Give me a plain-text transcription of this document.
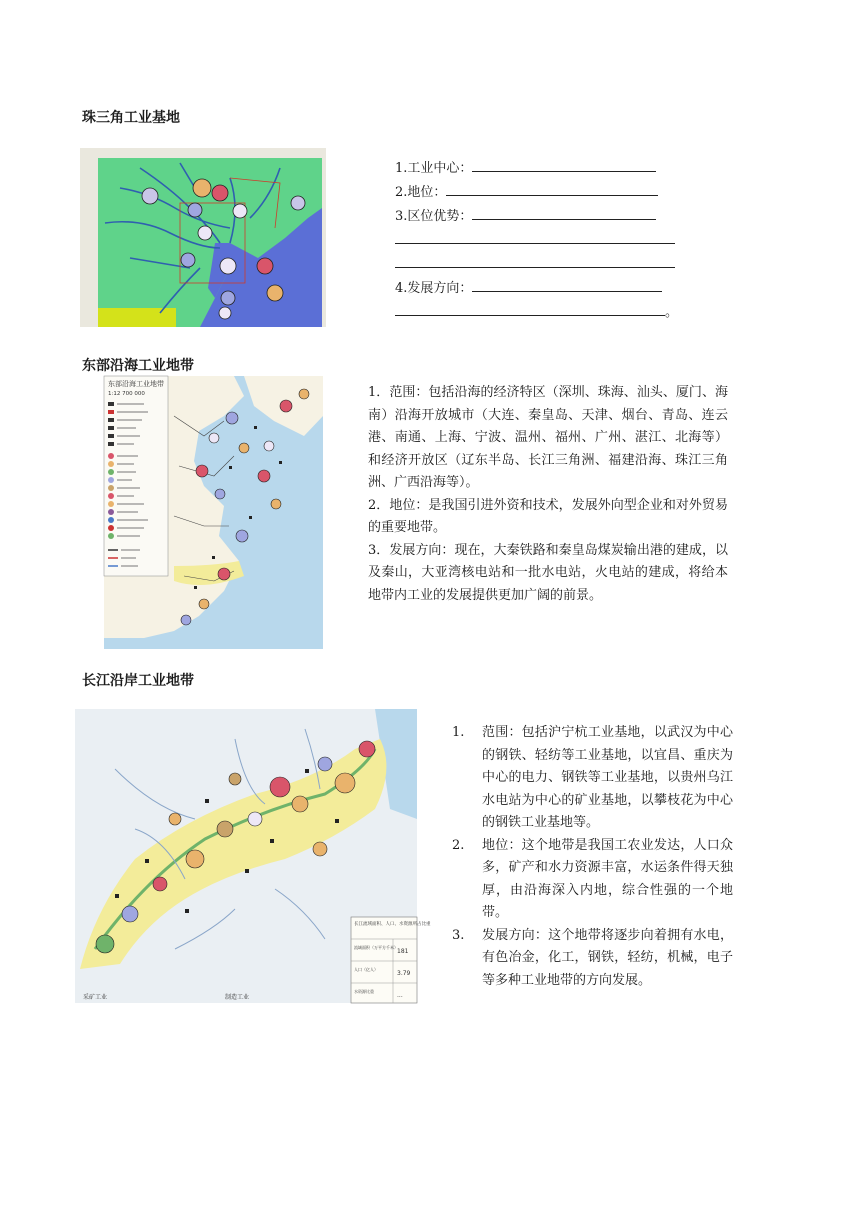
珠三角工业基地
1.工业中心：
2.地位：
3.区位优势：
4.发展方向：
。
东部沿海工业地带
东部沿海工业地带
1:12 700 000	1．范围：包括沿海的经济特区（深圳、珠海、汕头、厦门、海南）沿海开放城市（大连、秦皇岛、天津、烟台、青岛、连云港、南通、上海、宁波、温州、福州、广州、湛江、北海等）和经济开放区（辽东半岛、长江三角洲、福建沿海、珠江三角洲、广西沿海等）。

2．地位：是我国引进外资和技术，发展外向型企业和对外贸易的重要地带。

3．发展方向：现在，大秦铁路和秦皇岛煤炭输出港的建成，以及秦山，大亚湾核电站和一批水电站，火电站的建成，将给本地带内工业的发展提供更加广阔的前景。

长江沿岸工业地带
长江流域面积、人口、水资源所占比重
流域面积（万平方千米）
181
人口（亿人）
3.79
水资源比重
...
采矿工业	制造工业
1. 范围：包括沪宁杭工业基地，以武汉为中心的钢铁、轻纺等工业基地，以宜昌、重庆为中心的电力、钢铁等工业基地，以贵州乌江水电站为中心的矿业基地，以攀枝花为中心的钢铁工业基地等。
2. 地位：这个地带是我国工农业发达，人口众多，矿产和水力资源丰富，水运条件得天独厚，由沿海深入内地，综合性强的一个地带。
3. 发展方向：这个地带将逐步向着拥有水电，有色冶金，化工，钢铁，轻纺，机械，电子等多种工业地带的方向发展。
